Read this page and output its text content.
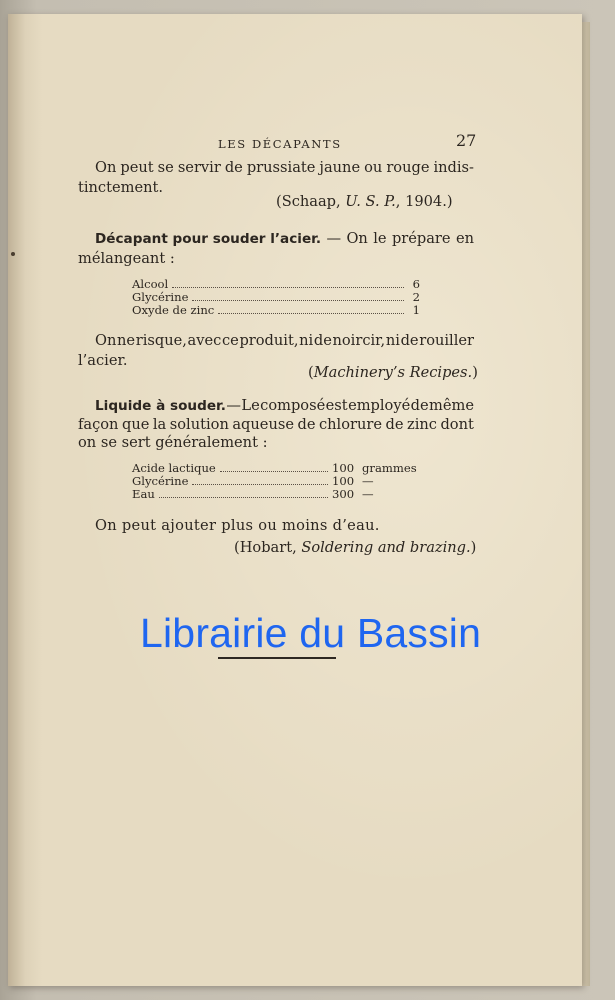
LES DÉCAPANTS	27
On peut se servir de prussiate jaune ou rouge indis-
tinctement.
(Schaap, U. S. P., 1904.)
Décapant pour souder l’acier. — On le prépare en
mélangeant :
Alcool	6
Glycérine	2
Oxyde de zinc	1
On ne risque, avec ce produit, ni de noircir, ni de rouiller
l’acier.
(Machinery’s Recipes.)
Liquide à souder. — Le composé est employé de même
façon que la solution aqueuse de chlorure de zinc dont
on se sert généralement :
Acide lactique	100 grammes
Glycérine	100 —
Eau	300 —
On peut ajouter plus ou moins d’eau.
(Hobart, Soldering and brazing.)
Librairie du Bassin
